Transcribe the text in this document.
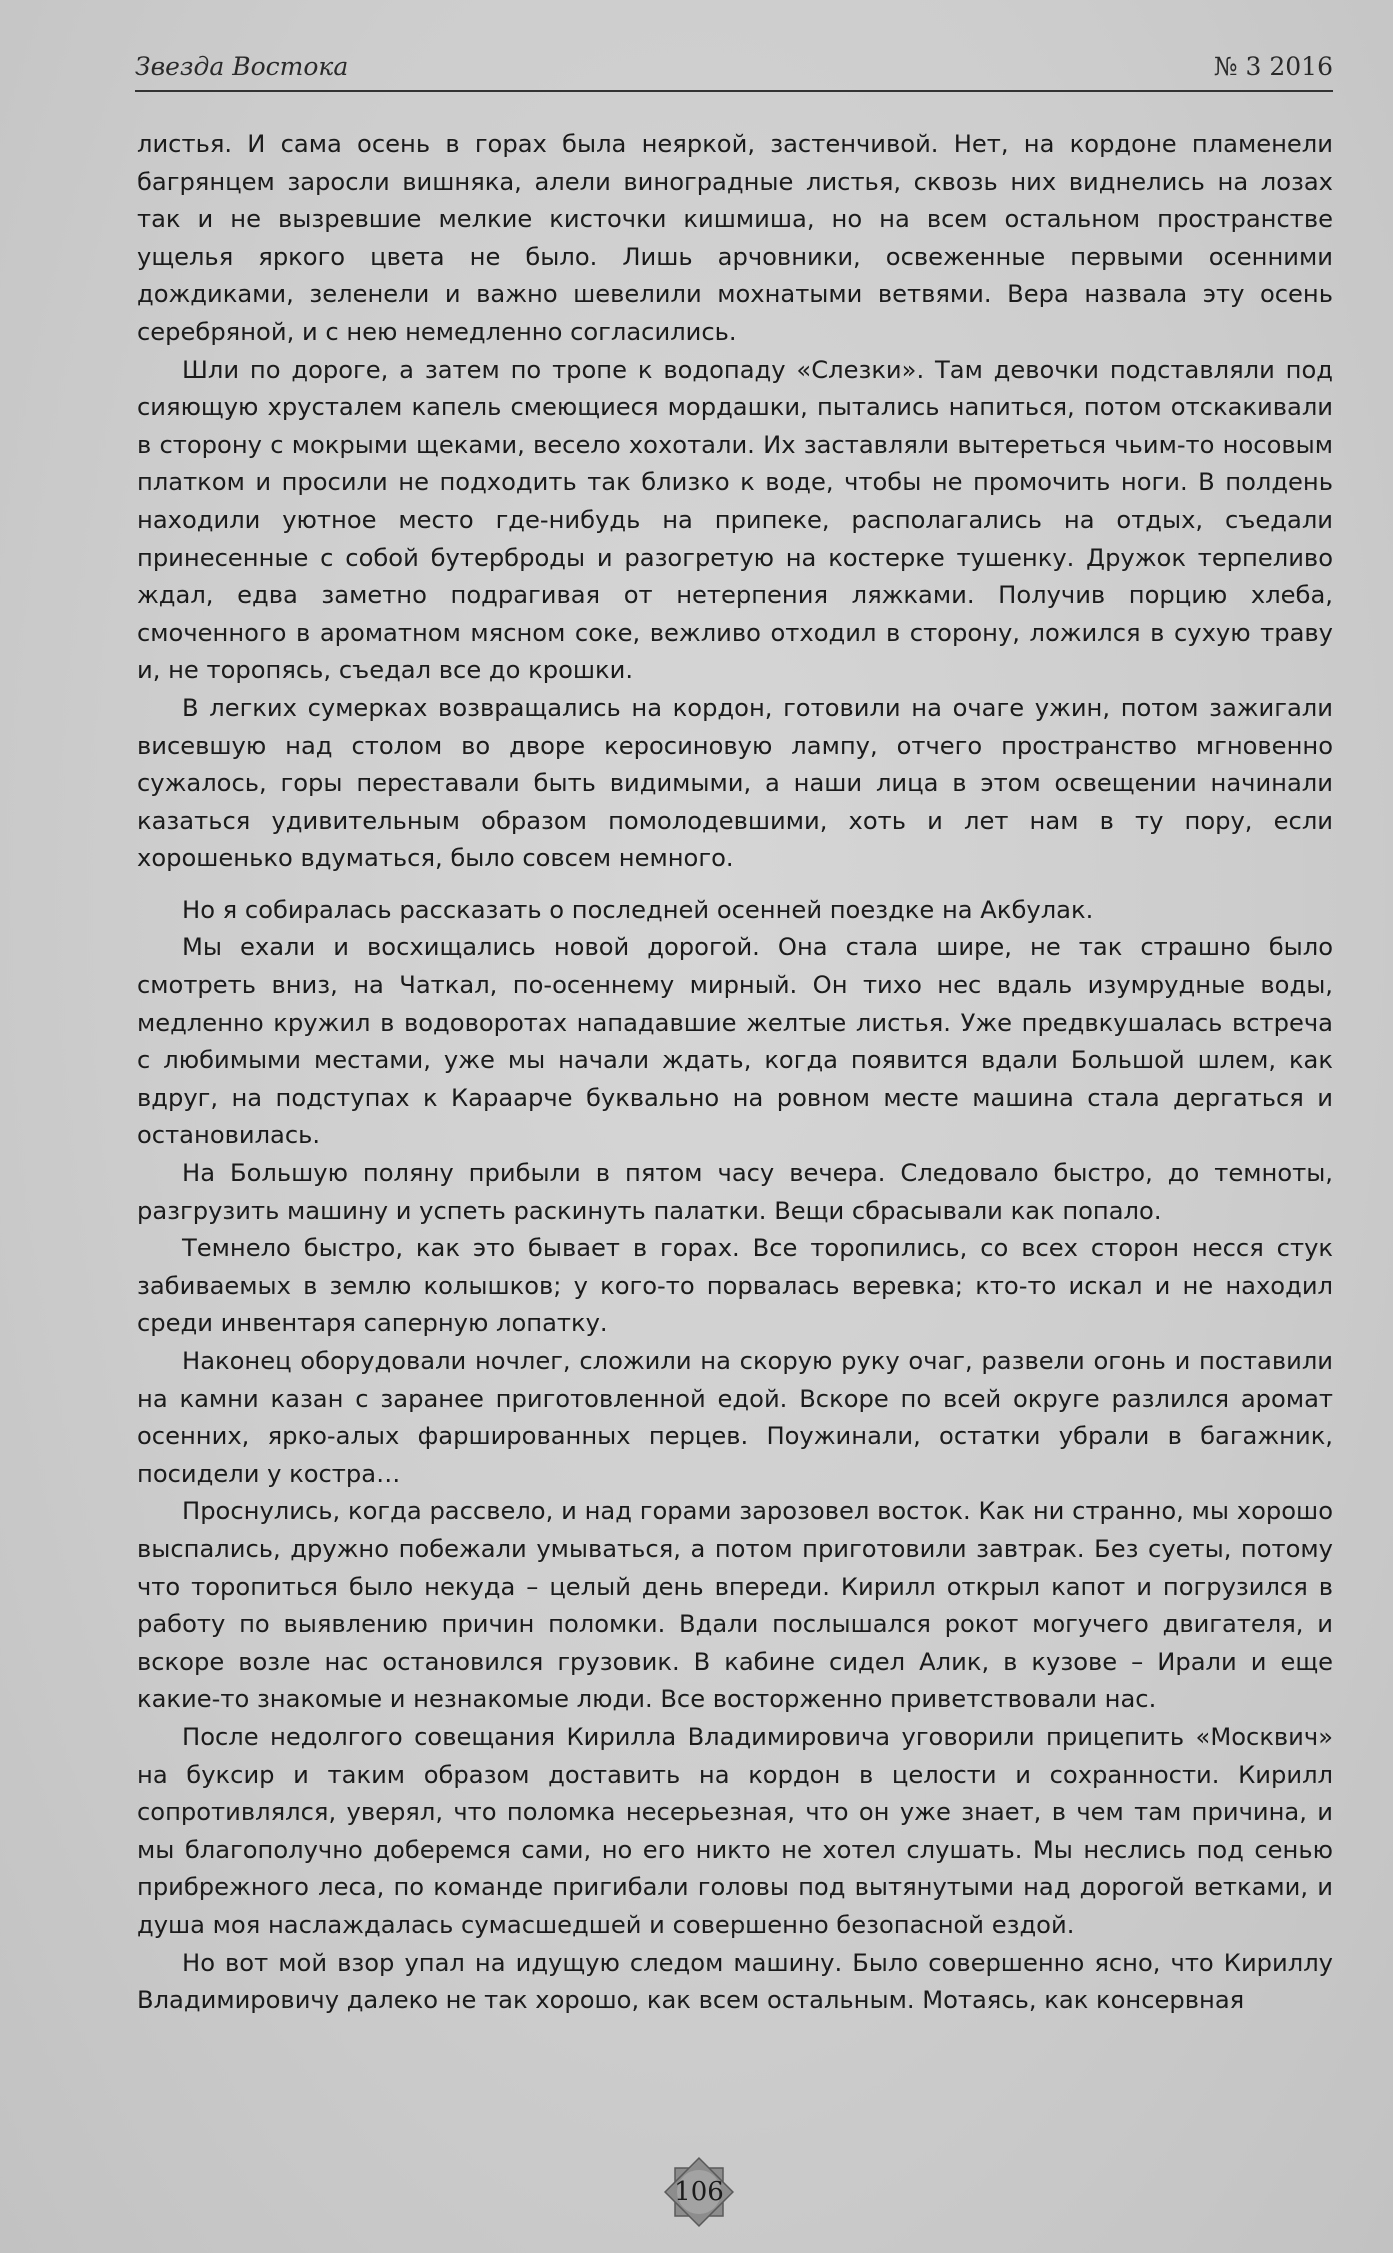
Звезда Востока	№ 3 2016

листья. И сама осень в горах была неяркой, застенчивой. Нет, на кордоне пламенели багрянцем заросли вишняка, алели виноградные листья, сквозь них виднелись на лозах так и не вызревшие мелкие кисточки кишмиша, но на всем остальном пространстве ущелья яркого цвета не было. Лишь арчовники, освеженные первыми осенними дождиками, зеленели и важно шевелили мохнатыми ветвями. Вера назвала эту осень серебряной, и с нею немедленно согласились.

Шли по дороге, а затем по тропе к водопаду «Слезки». Там девочки подставляли под сияющую хрусталем капель смеющиеся мордашки, пытались напиться, потом отскакивали в сторону с мокрыми щеками, весело хохотали. Их заставляли вытереться чьим-то носовым платком и просили не подходить так близко к воде, чтобы не промочить ноги. В полдень находили уютное место где-нибудь на припеке, располагались на отдых, съедали принесенные с собой бутерброды и разогретую на костерке тушенку. Дружок терпеливо ждал, едва заметно подрагивая от нетерпения ляжками. Получив порцию хлеба, смоченного в ароматном мясном соке, вежливо отходил в сторону, ложился в сухую траву и, не торопясь, съедал все до крошки.

В легких сумерках возвращались на кордон, готовили на очаге ужин, потом зажигали висевшую над столом во дворе керосиновую лампу, отчего пространство мгновенно сужалось, горы переставали быть видимыми, а наши лица в этом освещении начинали казаться удивительным образом помолодевшими, хоть и лет нам в ту пору, если хорошенько вдуматься, было совсем немного.

Но я собиралась рассказать о последней осенней поездке на Акбулак.

Мы ехали и восхищались новой дорогой. Она стала шире, не так страшно было смотреть вниз, на Чаткал, по-осеннему мирный. Он тихо нес вдаль изумрудные воды, медленно кружил в водоворотах нападавшие желтые листья. Уже предвкушалась встреча с любимыми местами, уже мы начали ждать, когда появится вдали Большой шлем, как вдруг, на подступах к Караарче буквально на ровном месте машина стала дергаться и остановилась.

На Большую поляну прибыли в пятом часу вечера. Следовало быстро, до темноты, разгрузить машину и успеть раскинуть палатки. Вещи сбрасывали как попало.

Темнело быстро, как это бывает в горах. Все торопились, со всех сторон несся стук забиваемых в землю колышков; у кого-то порвалась веревка; кто-то искал и не находил среди инвентаря саперную лопатку.

Наконец оборудовали ночлег, сложили на скорую руку очаг, развели огонь и поставили на камни казан с заранее приготовленной едой. Вскоре по всей округе разлился аромат осенних, ярко-алых фаршированных перцев. Поужинали, остатки убрали в багажник, посидели у костра…

Проснулись, когда рассвело, и над горами зарозовел восток. Как ни странно, мы хорошо выспались, дружно побежали умываться, а потом приготовили завтрак. Без суеты, потому что торопиться было некуда – целый день впереди. Кирилл открыл капот и погрузился в работу по выявлению причин поломки. Вдали послышался рокот могучего двигателя, и вскоре возле нас остановился грузовик. В кабине сидел Алик, в кузове – Ирали и еще какие-то знакомые и незнакомые люди. Все восторженно приветствовали нас.

После недолгого совещания Кирилла Владимировича уговорили прицепить «Москвич» на буксир и таким образом доставить на кордон в целости и сохранности. Кирилл сопротивлялся, уверял, что поломка несерьезная, что он уже знает, в чем там причина, и мы благополучно доберемся сами, но его никто не хотел слушать. Мы неслись под сенью прибрежного леса, по команде пригибали головы под вытянутыми над дорогой ветками, и душа моя наслаждалась сумасшедшей и совершенно безопасной ездой.

Но вот мой взор упал на идущую следом машину. Было совершенно ясно, что Кириллу Владимировичу далеко не так хорошо, как всем остальным. Мотаясь, как консервная

106
